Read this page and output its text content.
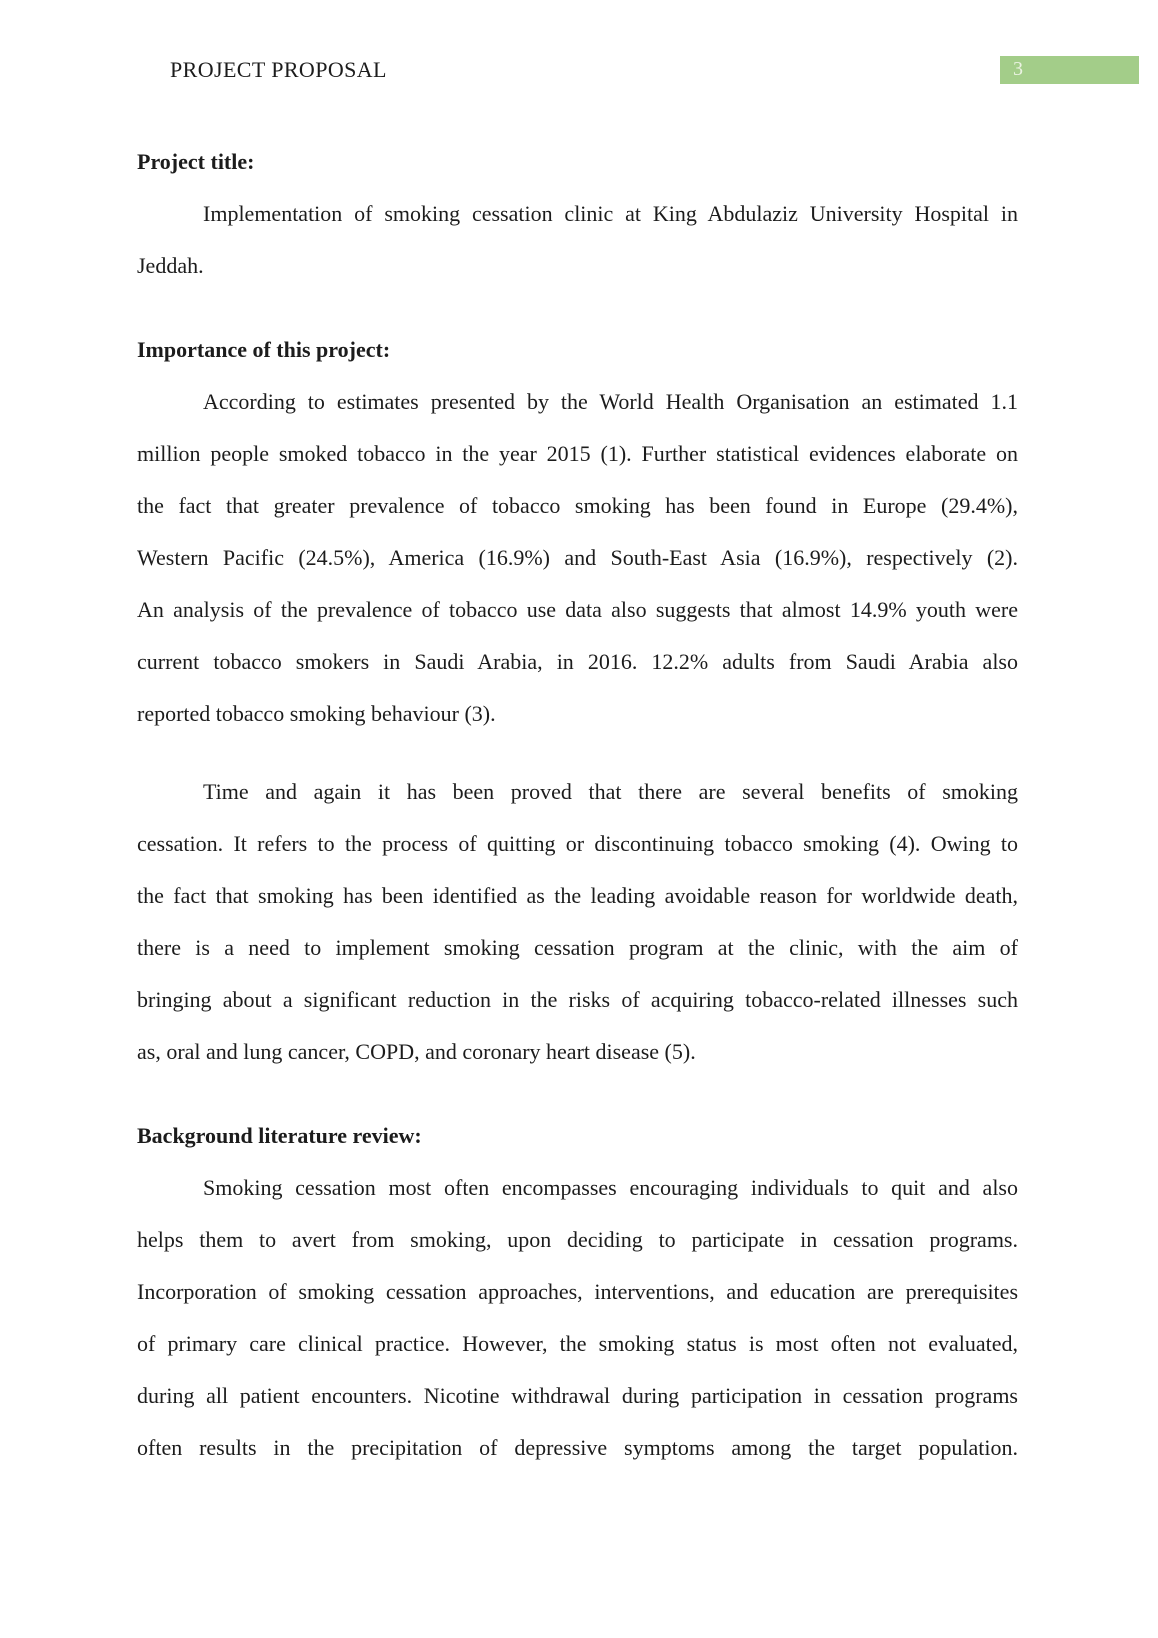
PROJECT PROPOSAL	3
Project title:
Implementation of smoking cessation clinic at King Abdulaziz University Hospital in
Jeddah.
Importance of this project:
According to estimates presented by the World Health Organisation an estimated 1.1
million people smoked tobacco in the year 2015 (1). Further statistical evidences elaborate on
the fact that greater prevalence of tobacco smoking has been found in Europe (29.4%),
Western Pacific (24.5%), America (16.9%) and South-East Asia (16.9%), respectively (2).
An analysis of the prevalence of tobacco use data also suggests that almost 14.9% youth were
current tobacco smokers in Saudi Arabia, in 2016. 12.2% adults from Saudi Arabia also
reported tobacco smoking behaviour (3).
Time and again it has been proved that there are several benefits of smoking
cessation. It refers to the process of quitting or discontinuing tobacco smoking (4). Owing to
the fact that smoking has been identified as the leading avoidable reason for worldwide death,
there is a need to implement smoking cessation program at the clinic, with the aim of
bringing about a significant reduction in the risks of acquiring tobacco-related illnesses such
as, oral and lung cancer, COPD, and coronary heart disease (5).
Background literature review:
Smoking cessation most often encompasses encouraging individuals to quit and also
helps them to avert from smoking, upon deciding to participate in cessation programs.
Incorporation of smoking cessation approaches, interventions, and education are prerequisites
of primary care clinical practice. However, the smoking status is most often not evaluated,
during all patient encounters. Nicotine withdrawal during participation in cessation programs
often results in the precipitation of depressive symptoms among the target population.
